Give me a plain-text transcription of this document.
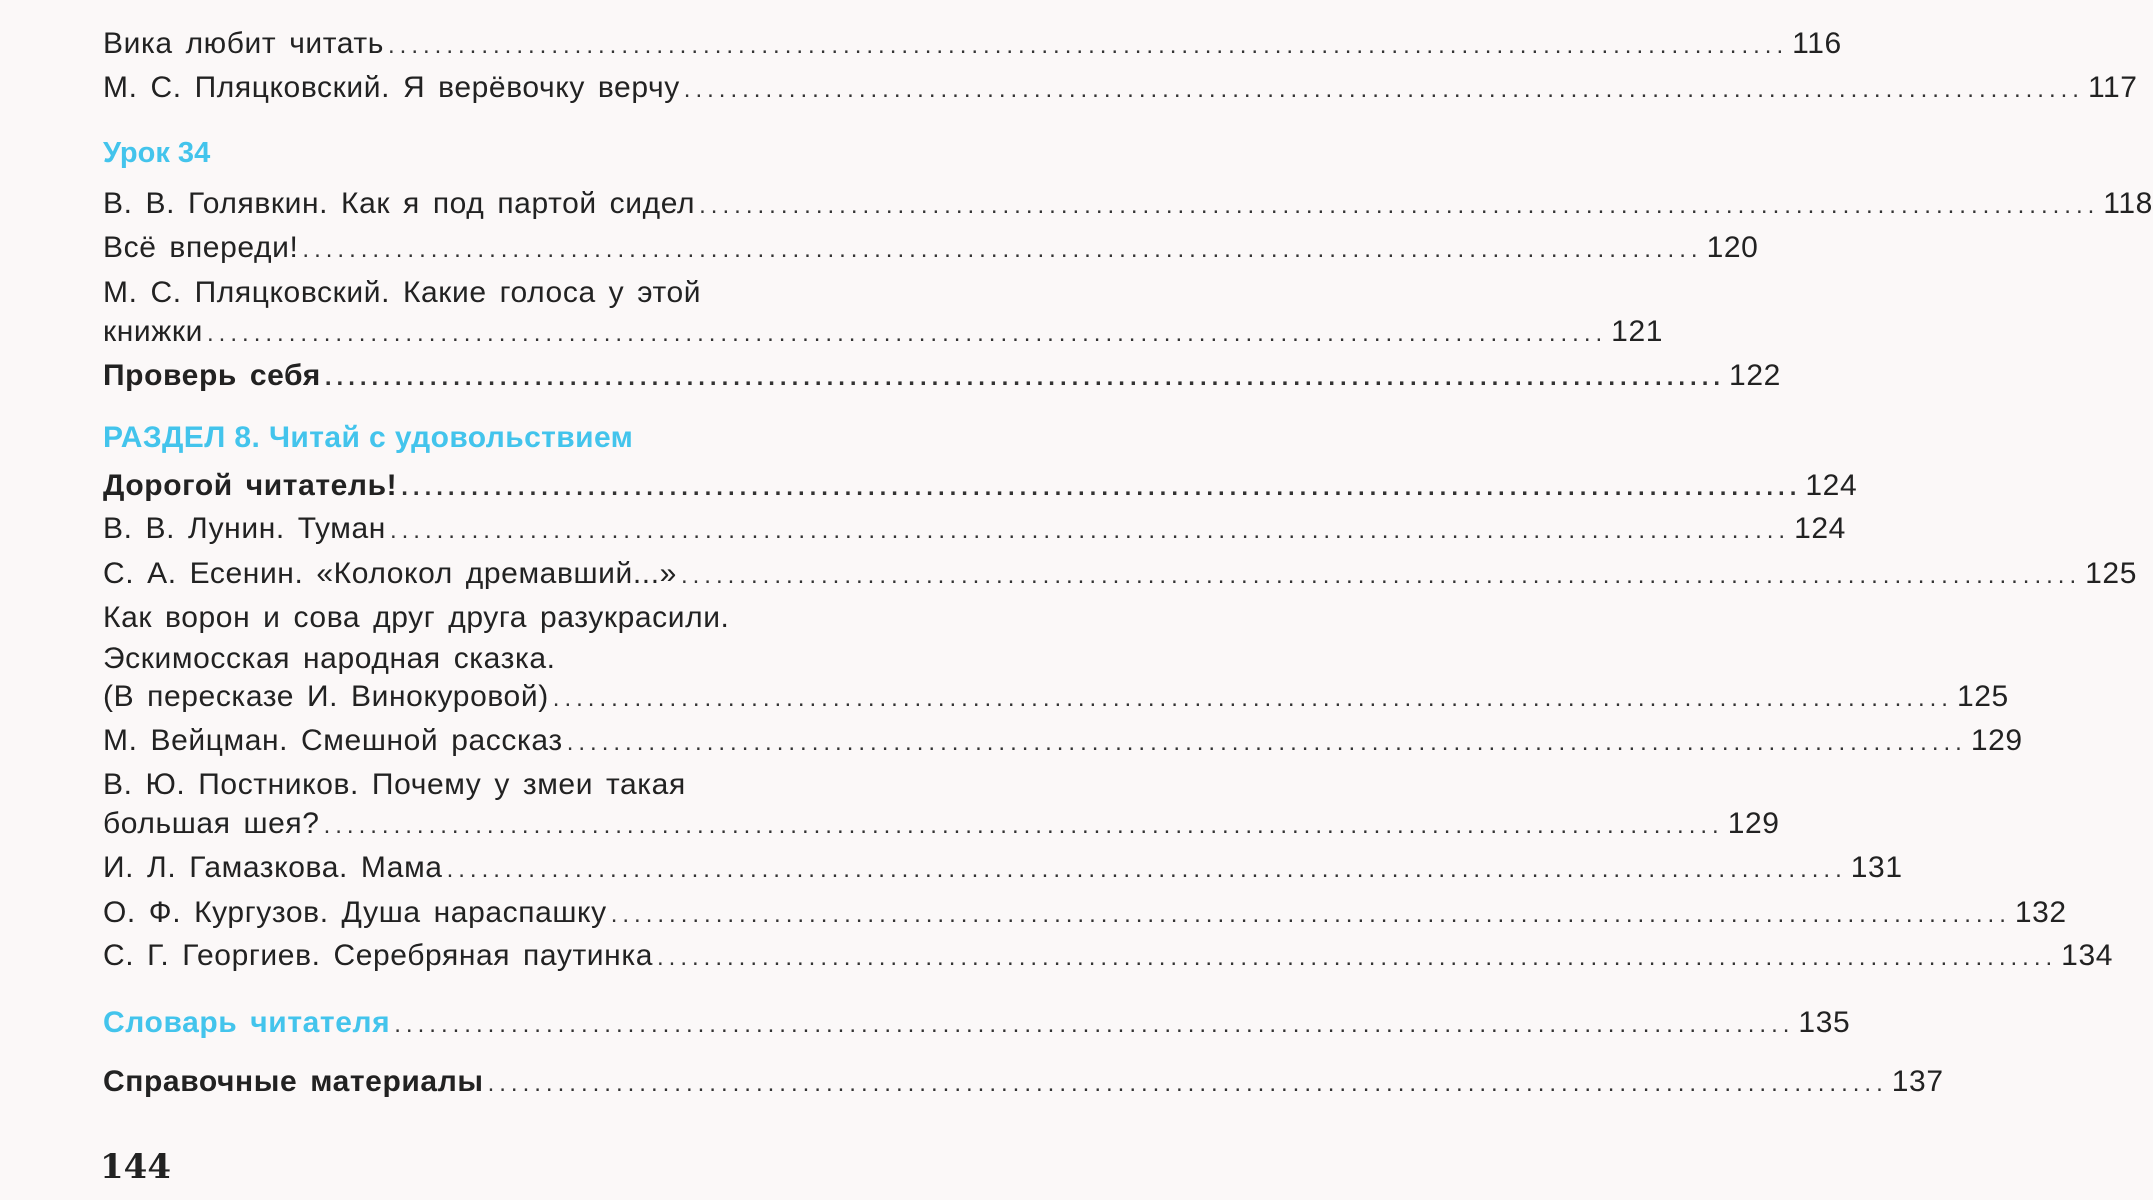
Вика любит читать ........................................................................................................................ 116
М. С. Пляцковский. Я верёвочку верчу ........................................................................................................................ 117
Урок 34
В. В. Голявкин. Как я под партой сидел ........................................................................................................................ 118
Всё впереди! ........................................................................................................................ 120
М. С. Пляцковский. Какие голоса у этой
книжки ........................................................................................................................ 121
Проверь себя ........................................................................................................................ 122
РАЗДЕЛ 8. Читай с удовольствием
Дорогой читатель! ........................................................................................................................ 124
В. В. Лунин. Туман ........................................................................................................................ 124
С. А. Есенин. «Колокол дремавший...» ........................................................................................................................ 125
Как ворон и сова друг друга разукрасили.
Эскимосская народная сказка.
(В пересказе И. Винокуровой) ........................................................................................................................ 125
М. Вейцман. Смешной рассказ ........................................................................................................................ 129
В. Ю. Постников. Почему у змеи такая
большая шея? ........................................................................................................................ 129
И. Л. Гамазкова. Мама ........................................................................................................................ 131
О. Ф. Кургузов. Душа нараспашку ........................................................................................................................ 132
С. Г. Георгиев. Серебряная паутинка ........................................................................................................................ 134
Словарь читателя ........................................................................................................................ 135
Справочные материалы ........................................................................................................................ 137
144
